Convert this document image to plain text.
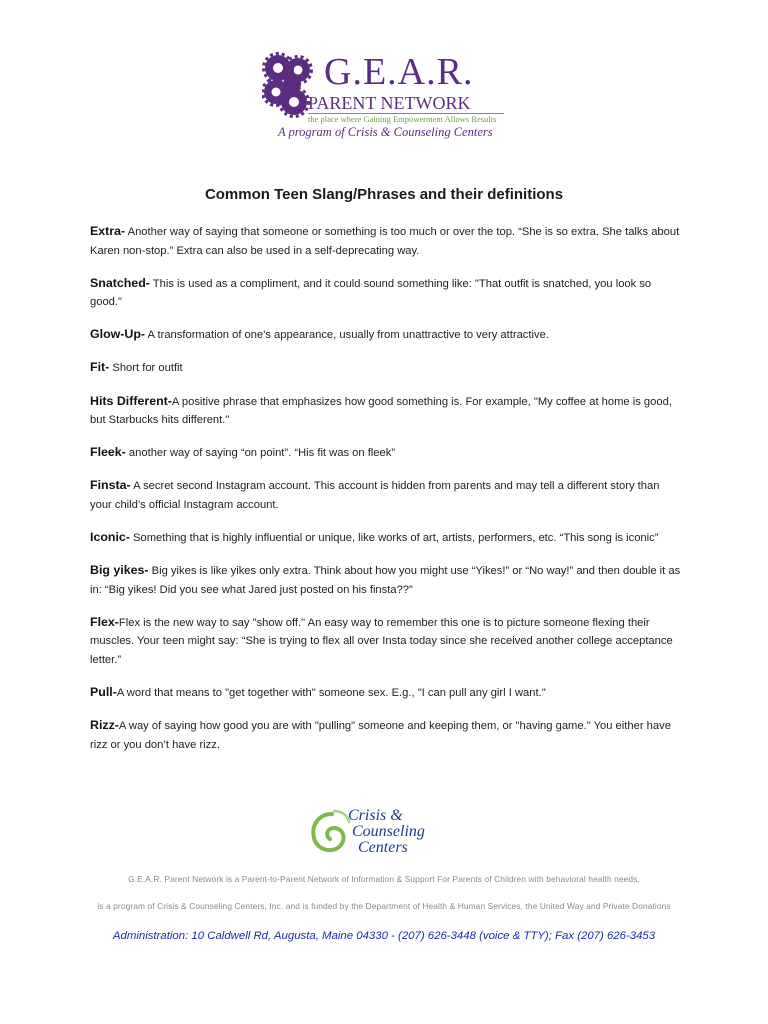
G.E.A.R.
PARENT NETWORK
the place where Gaining Empowerment Allows Results
A program of Crisis & Counseling Centers
Common Teen Slang/Phrases and their definitions

Extra- Another way of saying that someone or something is too much or over the top. “She is so extra. She talks about Karen non-stop.” Extra can also be used in a self-deprecating way.

Snatched- This is used as a compliment, and it could sound something like: "That outfit is snatched, you look so good."

Glow-Up- A transformation of one's appearance, usually from unattractive to very attractive.

Fit- Short for outfit

Hits Different-A positive phrase that emphasizes how good something is. For example, "My coffee at home is good, but Starbucks hits different."

Fleek- another way of saying “on point”. “His fit was on fleek”

Finsta- A secret second Instagram account. This account is hidden from parents and may tell a different story than your child’s official Instagram account.

Iconic- Something that is highly influential or unique, like works of art, artists, performers, etc. “This song is iconic”

Big yikes- Big yikes is like yikes only extra. Think about how you might use “Yikes!” or “No way!” and then double it as in: “Big yikes! Did you see what Jared just posted on his finsta??”

Flex-Flex is the new way to say "show off." An easy way to remember this one is to picture someone flexing their muscles. Your teen might say: “She is trying to flex all over Insta today since she received another college acceptance letter.”

Pull-A word that means to "get together with" someone sex. E.g., "I can pull any girl I want."

Rizz-A way of saying how good you are with "pulling" someone and keeping them, or "having game." You either have rizz or you don’t have rizz.

Crisis &
Counseling
Centers
G.E.A.R. Parent Network is a Parent-to-Parent Network of Information & Support For Parents of Children with behavioral health needs,
is a program of Crisis & Counseling Centers, Inc. and is funded by the Department of Health & Human Services, the United Way and Private Donations
Administration: 10 Caldwell Rd, Augusta, Maine 04330 - (207) 626-3448 (voice & TTY); Fax (207) 626-3453
